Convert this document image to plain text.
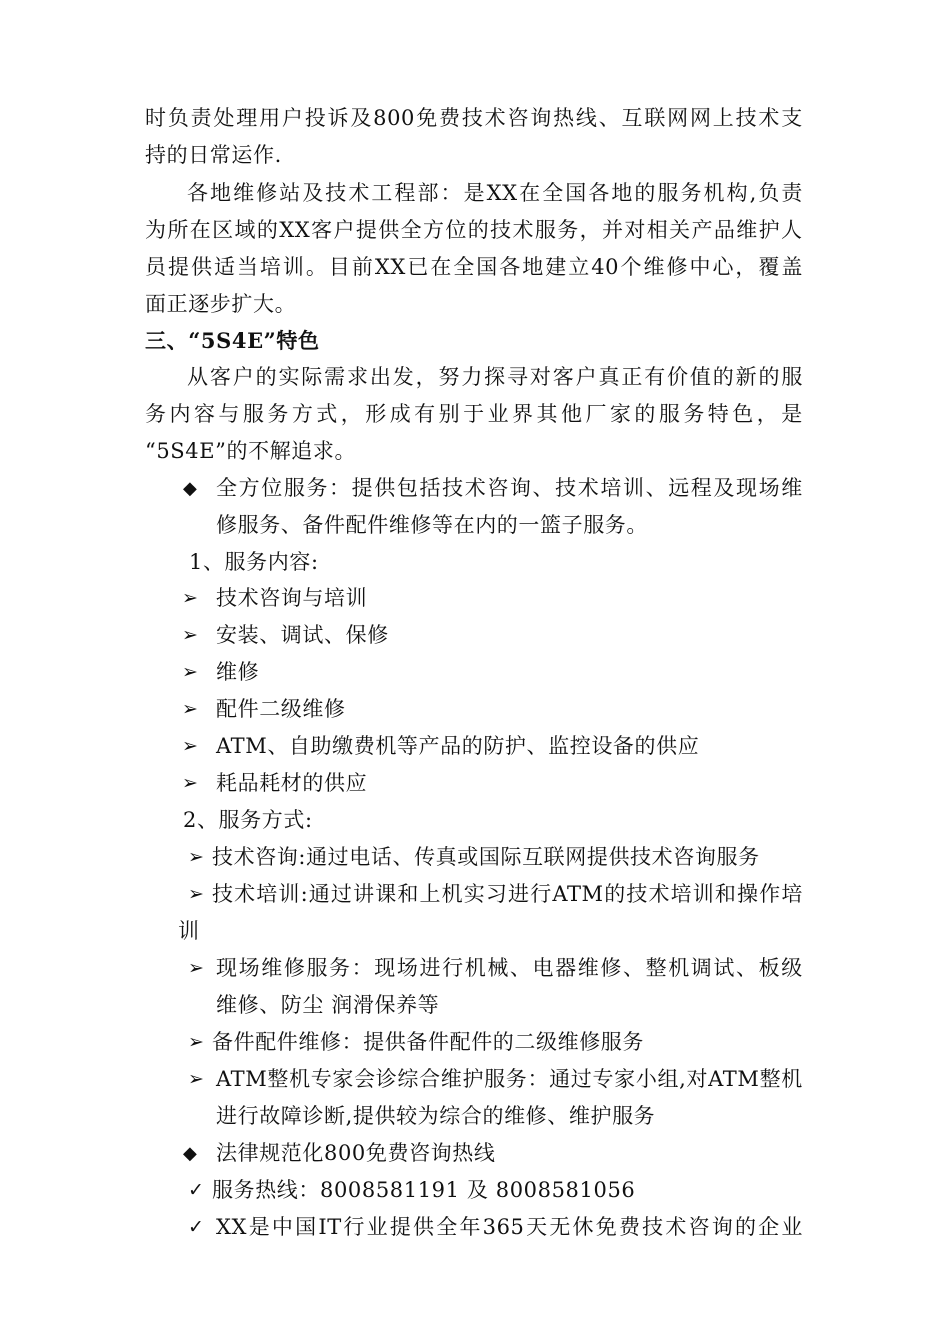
时 负 责 处 理 用 户 投 诉 及 800 免 费 技 术 咨 询 热 线 、 互 联 网 网 上 技 术 支
持的日常运作.
各 地 维 修 站 及 技 术 工 程 部 ： 是 XX 在 全 国 各 地 的 服 务 机 构 , 负 责
为 所 在 区 域 的 XX 客 户 提 供 全 方 位 的 技 术 服 务 ， 并 对 相 关 产 品 维 护 人
员 提 供 适 当 培 训 。 目 前 XX 已 在 全 国 各 地 建 立 40 个 维 修 中 心 ， 覆 盖
面正逐步扩大。
三、“5S4E”特色
从 客 户 的 实 际 需 求 出 发 ， 努 力 探 寻 对 客 户 真 正 有 价 值 的 新 的 服
务 内 容 与 服 务 方 式 ， 形 成 有 别 于 业 界 其 他 厂 家 的 服 务 特 色 ， 是
“5S4E”的不解追求。
◆ 全 方 位 服 务 ： 提 供 包 括 技 术 咨 询 、 技 术 培 训 、 远 程 及 现 场 维
修服务、备件配件维修等在内的一篮子服务。
1、服务内容:
➢ 技术咨询与培训
➢ 安装、调试、保修
➢ 维修
➢ 配件二级维修
➢ ATM、自助缴费机等产品的防护、监控设备的供应
➢ 耗品耗材的供应
2、服务方式:
➢ 技术咨询:通过电话、传真或国际互联网提供技术咨询服务
➢ 技 术 培 训 : 通 过 讲 课 和 上 机 实 习 进 行 ATM 的 技 术 培 训 和 操 作 培
训
➢ 现 场 维 修 服 务 ： 现 场 进 行 机 械 、 电 器 维 修 、 整 机 调 试 、 板 级
维修、防尘 润滑保养等
➢ 备件配件维修：提供备件配件的二级维修服务
➢ ATM 整 机 专 家 会 诊 综 合 维 护 服 务 ： 通 过 专 家 小 组 , 对 ATM 整 机
进行故障诊断,提供较为综合的维修、维护服务
◆ 法律规范化800免费咨询热线
✓ 服务热线：8008581191 及 8008581056
✓ XX 是 中 国 IT 行 业 提 供 全 年 365 天 无 休 免 费 技 术 咨 询 的 企 业
